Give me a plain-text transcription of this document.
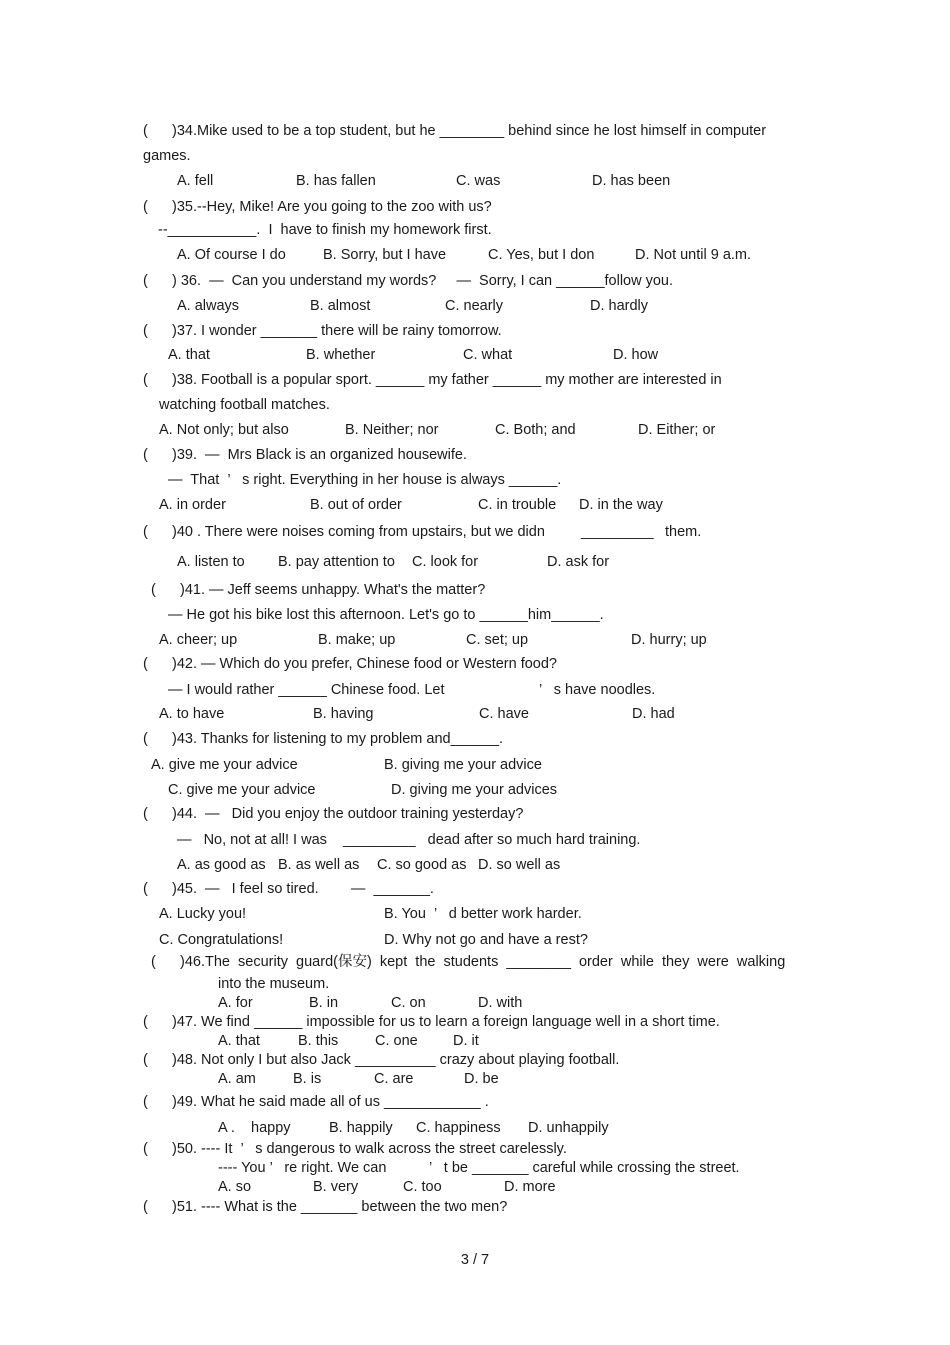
(      )34.Mike used to be a top student, but he ________ behind since he lost himself in computer
games.
A. fell	B. has fallen	C. was	D. has been
(      )35.--Hey, Mike! Are you going to the zoo with us?
--___________.  I  have to finish my homework first.
A. Of course I do	B. Sorry, but I have	C. Yes, but I don	D. Not until 9 a.m.
(      ) 36.  —  Can you understand my words?     —  Sorry, I can ______follow you.
A. always	B. almost	C. nearly	D. hardly
(      )37. I wonder _______ there will be rainy tomorrow.
A. that	B. whether	C. what	D. how
(      )38. Football is a popular sport. ______ my father ______ my mother are interested in
watching football matches.
A. Not only; but also	B. Neither; nor	C. Both; and	D. Either; or
(      )39.  —  Mrs Black is an organized housewife.
—  That  ’   s right. Everything in her house is always ______.
A. in order	B. out of order	C. in trouble D. in the way
(      )40 . There were noises coming from upstairs, but we didn _________ them.
A. listen to B. pay attention to C. look for	D. ask for
(      )41. — Jeff seems unhappy. What's the matter?
— He got his bike lost this afternoon. Let's go to ______him______.
A. cheer; up	B. make; up	C. set; up	D. hurry; up
(      )42. — Which do you prefer, Chinese food or Western food?
— I would rather ______ Chinese food. Let	’   s have noodles.
A. to have	B. having	C. have	D. had
(      )43. Thanks for listening to my problem and______.
A. give me your advice	B. giving me your advice
C. give me your advice	D. giving me your advices
(      )44.  —   Did you enjoy the outdoor training yesterday?
—   No, not at all! I was    _________   dead after so much hard training.
A. as good as B. as well as C. so good as D. so well as
(      )45.  —   I feel so tired.        —  _______.
A. Lucky you!	B. You  ’   d better work harder.
C. Congratulations!	D. Why not go and have a rest?
(      )46.The  security  guard(保安)  kept  the  students  ________  order  while  they  were  walking
into the museum.
A. for	B. in	C. on	D. with
(      )47. We find ______ impossible for us to learn a foreign language well in a short time.
A. that	B. this	C. one D. it
(      )48. Not only I but also Jack __________ crazy about playing football.
A. am	B. is	C. are	D. be
(      )49. What he said made all of us ____________ .
A .    happy	B. happily C. happiness D. unhappily
(      )50. ---- It  ’   s dangerous to walk across the street carelessly.
---- You ’   re right. We can	’   t be _______ careful while crossing the street.
A. so	B. very	C. too	D. more
(      )51. ---- What is the _______ between the two men?
3 / 7
